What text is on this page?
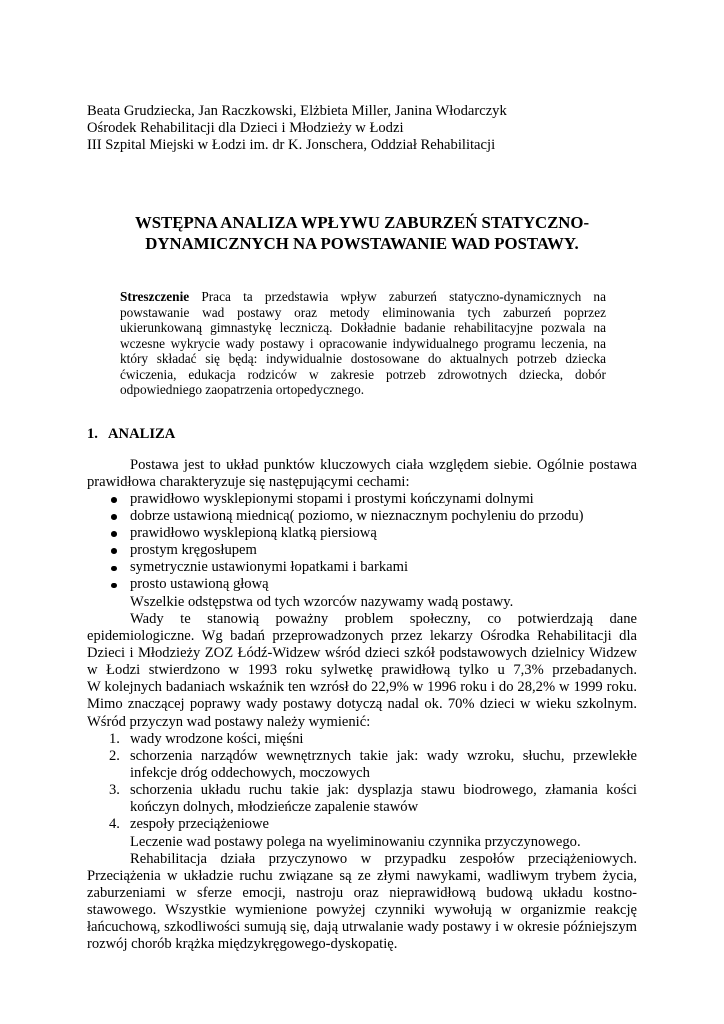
Beata Grudziecka, Jan Raczkowski, Elżbieta Miller, Janina Włodarczyk
Ośrodek Rehabilitacji dla Dzieci i Młodzieży w Łodzi
III Szpital Miejski w Łodzi im. dr K. Jonschera, Oddział Rehabilitacji
WSTĘPNA ANALIZA WPŁYWU ZABURZEŃ STATYCZNO-
DYNAMICZNYCH NA POWSTAWANIE WAD POSTAWY.
Streszczenie Praca ta przedstawia wpływ zaburzeń statyczno-dynamicznych na
powstawanie wad postawy oraz metody eliminowania tych zaburzeń poprzez
ukierunkowaną gimnastykę leczniczą. Dokładnie badanie rehabilitacyjne pozwala na
wczesne wykrycie wady postawy i opracowanie indywidualnego programu leczenia, na
który składać się będą: indywidualnie dostosowane do aktualnych potrzeb dziecka
ćwiczenia, edukacja rodziców w zakresie potrzeb zdrowotnych dziecka, dobór
odpowiedniego zaopatrzenia ortopedycznego.
1. ANALIZA
Postawa jest to układ punktów kluczowych ciała względem siebie. Ogólnie postawa
prawidłowa charakteryzuje się następującymi cechami:
prawidłowo wysklepionymi stopami i prostymi kończynami dolnymi
dobrze ustawioną miednicą( poziomo, w nieznacznym pochyleniu do przodu)
prawidłowo wysklepioną klatką piersiową
prostym kręgosłupem
symetrycznie ustawionymi łopatkami i barkami
prosto ustawioną głową
Wszelkie odstępstwa od tych wzorców nazywamy wadą postawy.
Wady te stanowią poważny problem społeczny, co potwierdzają dane
epidemiologiczne. Wg badań przeprowadzonych przez lekarzy Ośrodka Rehabilitacji dla
Dzieci i Młodzieży ZOZ Łódź-Widzew wśród dzieci szkół podstawowych dzielnicy Widzew
w Łodzi stwierdzono w 1993 roku sylwetkę prawidłową tylko u 7,3% przebadanych.
W kolejnych badaniach wskaźnik ten wzrósł do 22,9% w 1996 roku i do 28,2% w 1999 roku.
Mimo znaczącej poprawy wady postawy dotyczą nadal ok. 70% dzieci w wieku szkolnym.
Wśród przyczyn wad postawy należy wymienić:
1. wady wrodzone kości, mięśni
2. schorzenia narządów wewnętrznych takie jak: wady wzroku, słuchu, przewlekłe
infekcje dróg oddechowych, moczowych
3. schorzenia układu ruchu takie jak: dysplazja stawu biodrowego, złamania kości
kończyn dolnych, młodzieńcze zapalenie stawów
4. zespoły przeciążeniowe
Leczenie wad postawy polega na wyeliminowaniu czynnika przyczynowego.
Rehabilitacja działa przyczynowo w przypadku zespołów przeciążeniowych.
Przeciążenia w układzie ruchu związane są ze złymi nawykami, wadliwym trybem życia,
zaburzeniami w sferze emocji, nastroju oraz nieprawidłową budową układu kostno-
stawowego. Wszystkie wymienione powyżej czynniki wywołują w organizmie reakcję
łańcuchową, szkodliwości sumują się, dają utrwalanie wady postawy i w okresie późniejszym
rozwój chorób krążka międzykręgowego-dyskopatię.
